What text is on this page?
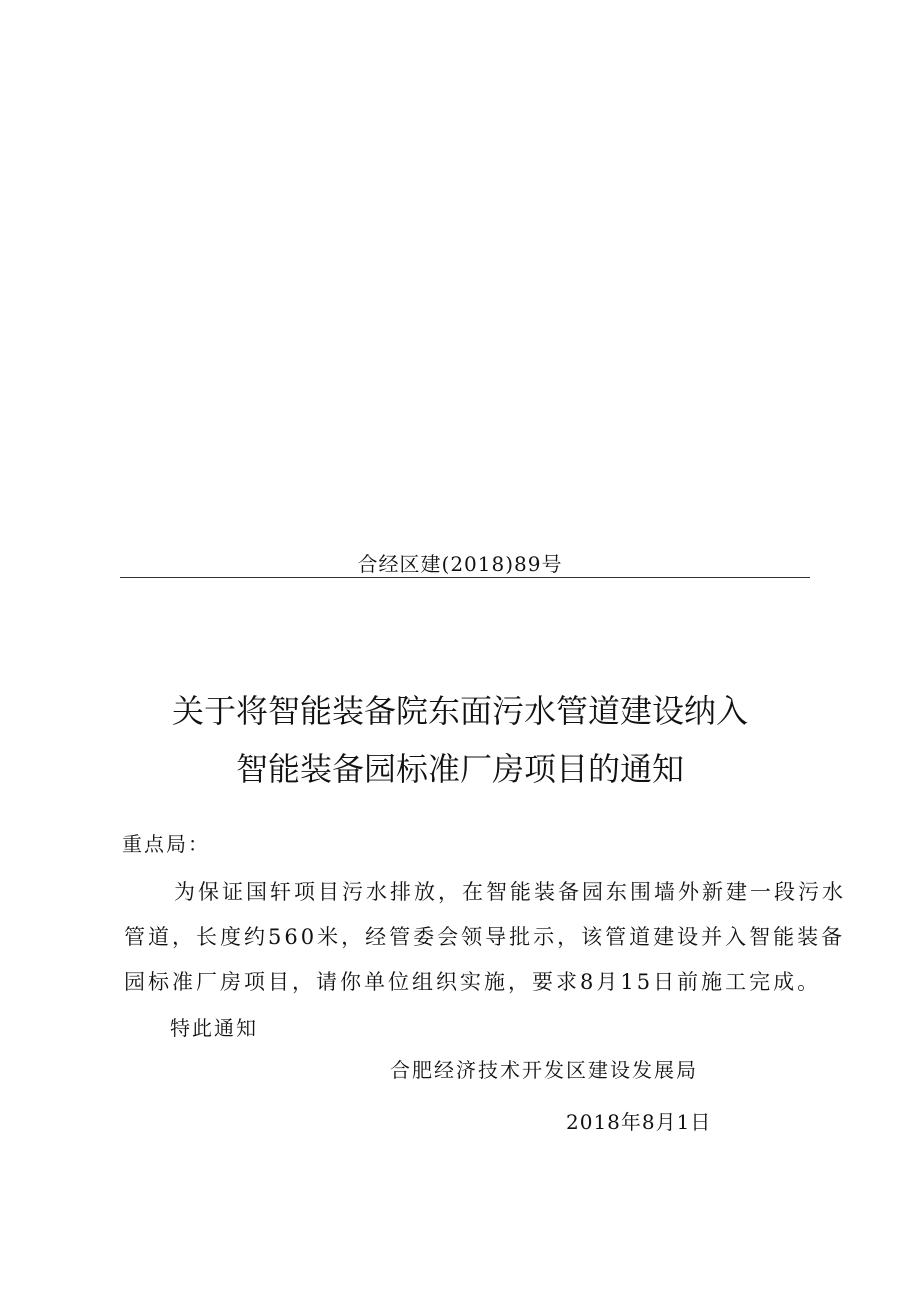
合经区建(2018)89号
关于将智能装备院东面污水管道建设纳入
智能装备园标准厂房项目的通知
重点局：
为保证国轩项目污水排放，在智能装备园东围墙外新建一段污水
管道，长度约560米，经管委会领导批示，该管道建设并入智能装备
园标准厂房项目，请你单位组织实施，要求8月15日前施工完成。
特此通知
合肥经济技术开发区建设发展局
2018年8月1日
